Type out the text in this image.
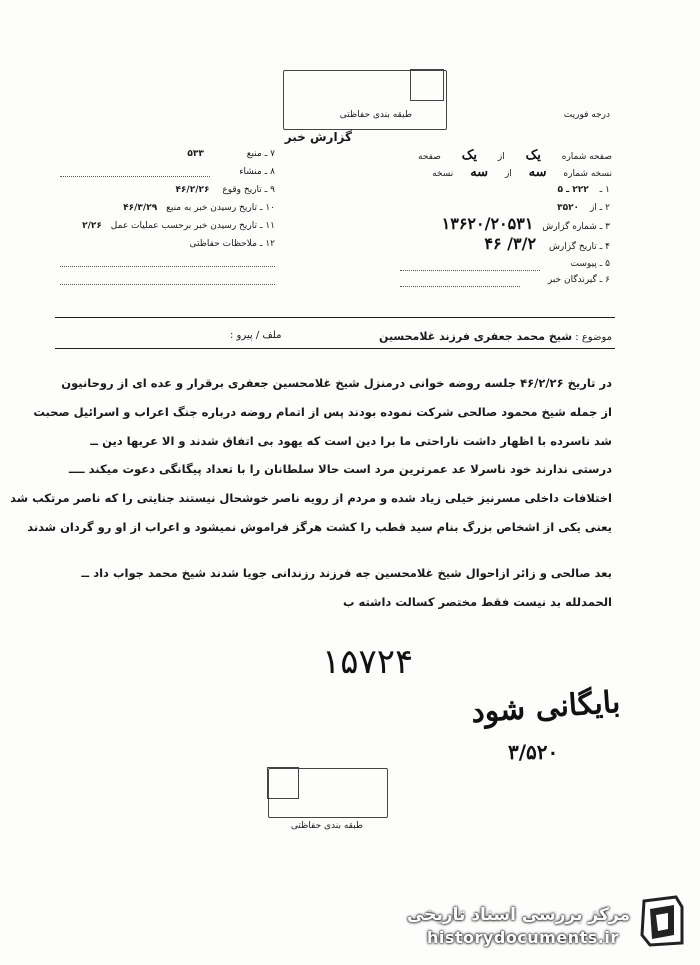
طبقه بندی حفاظتی	درجه فوریت
گزارش خبر
صفحه شماره یک از یک صفحه
نسخه شماره سه از سه نسخه
۱ ـ ۲۲۲ ـ ۵
۲ ـ از ۳۵۲۰
۳ ـ شماره گزارش ۱۳۶۲۰/۲۰۵۳۱
۴ ـ تاریخ گزارش ۳/۲/ ۴۶
۵ ـ پیوست
۶ ـ گیرندگان خبر
۷ ـ منبع ۵۳۳
۸ ـ منشاء
۹ ـ تاریخ وقوع ۴۶/۲/۲۶
۱۰ ـ تاریخ رسیدن خبر به منبع ۴۶/۳/۲۹
۱۱ ـ تاریخ رسیدن خبر برحسب عملیات عمل ۲/۲۶
۱۲ ـ ملاحظات حفاظتی
موضوع : شیخ محمد جعفری فرزند غلامحسین
ملف / پیرو :
در تاریخ ۴۶/۲/۲۶ جلسه روضه خوانی درمنزل شیخ غلامحسین جعفری برقرار و عده ای از روحانیون
از جمله شیخ محمود صالحی شرکت نموده بودند پس از اتمام روضه درباره جنگ اعراب و اسرائیل صحبت
شد ناسرده با اظهار داشت ناراحتی ما برا دین است که یهود بی اتفاق شدند و الا عربها دین ــ
درستی ندارند خود ناسرلا عد عمرترین مرد است حالا سلطانان را با تعداد پیگانگی دعوت میکند ــــ
اختلافات داخلی مسرنیز خیلی زیاد شده و مردم از رویه ناصر خوشحال نیستند جنایتی را که ناصر مرتکب شد
یعنی یکی از اشخاص بزرگ بنام سید قطب را کشت هرگز فراموش نمیشود و اعراب از او رو گردان شدند
بعد صالحی و زائر ازاحوال شیخ غلامحسین جه فرزند رزندانی جویا شدند شیخ محمد جواب داد ــ
الحمدلله بد نیست فقط مختصر کسالت داشته ب
۱۵۷۲۴
بایگانی شود
۳/۵۲۰
طبقه بندی حفاظتی
مرکز بررسی اسناد تاریخی
historydocuments.ir
